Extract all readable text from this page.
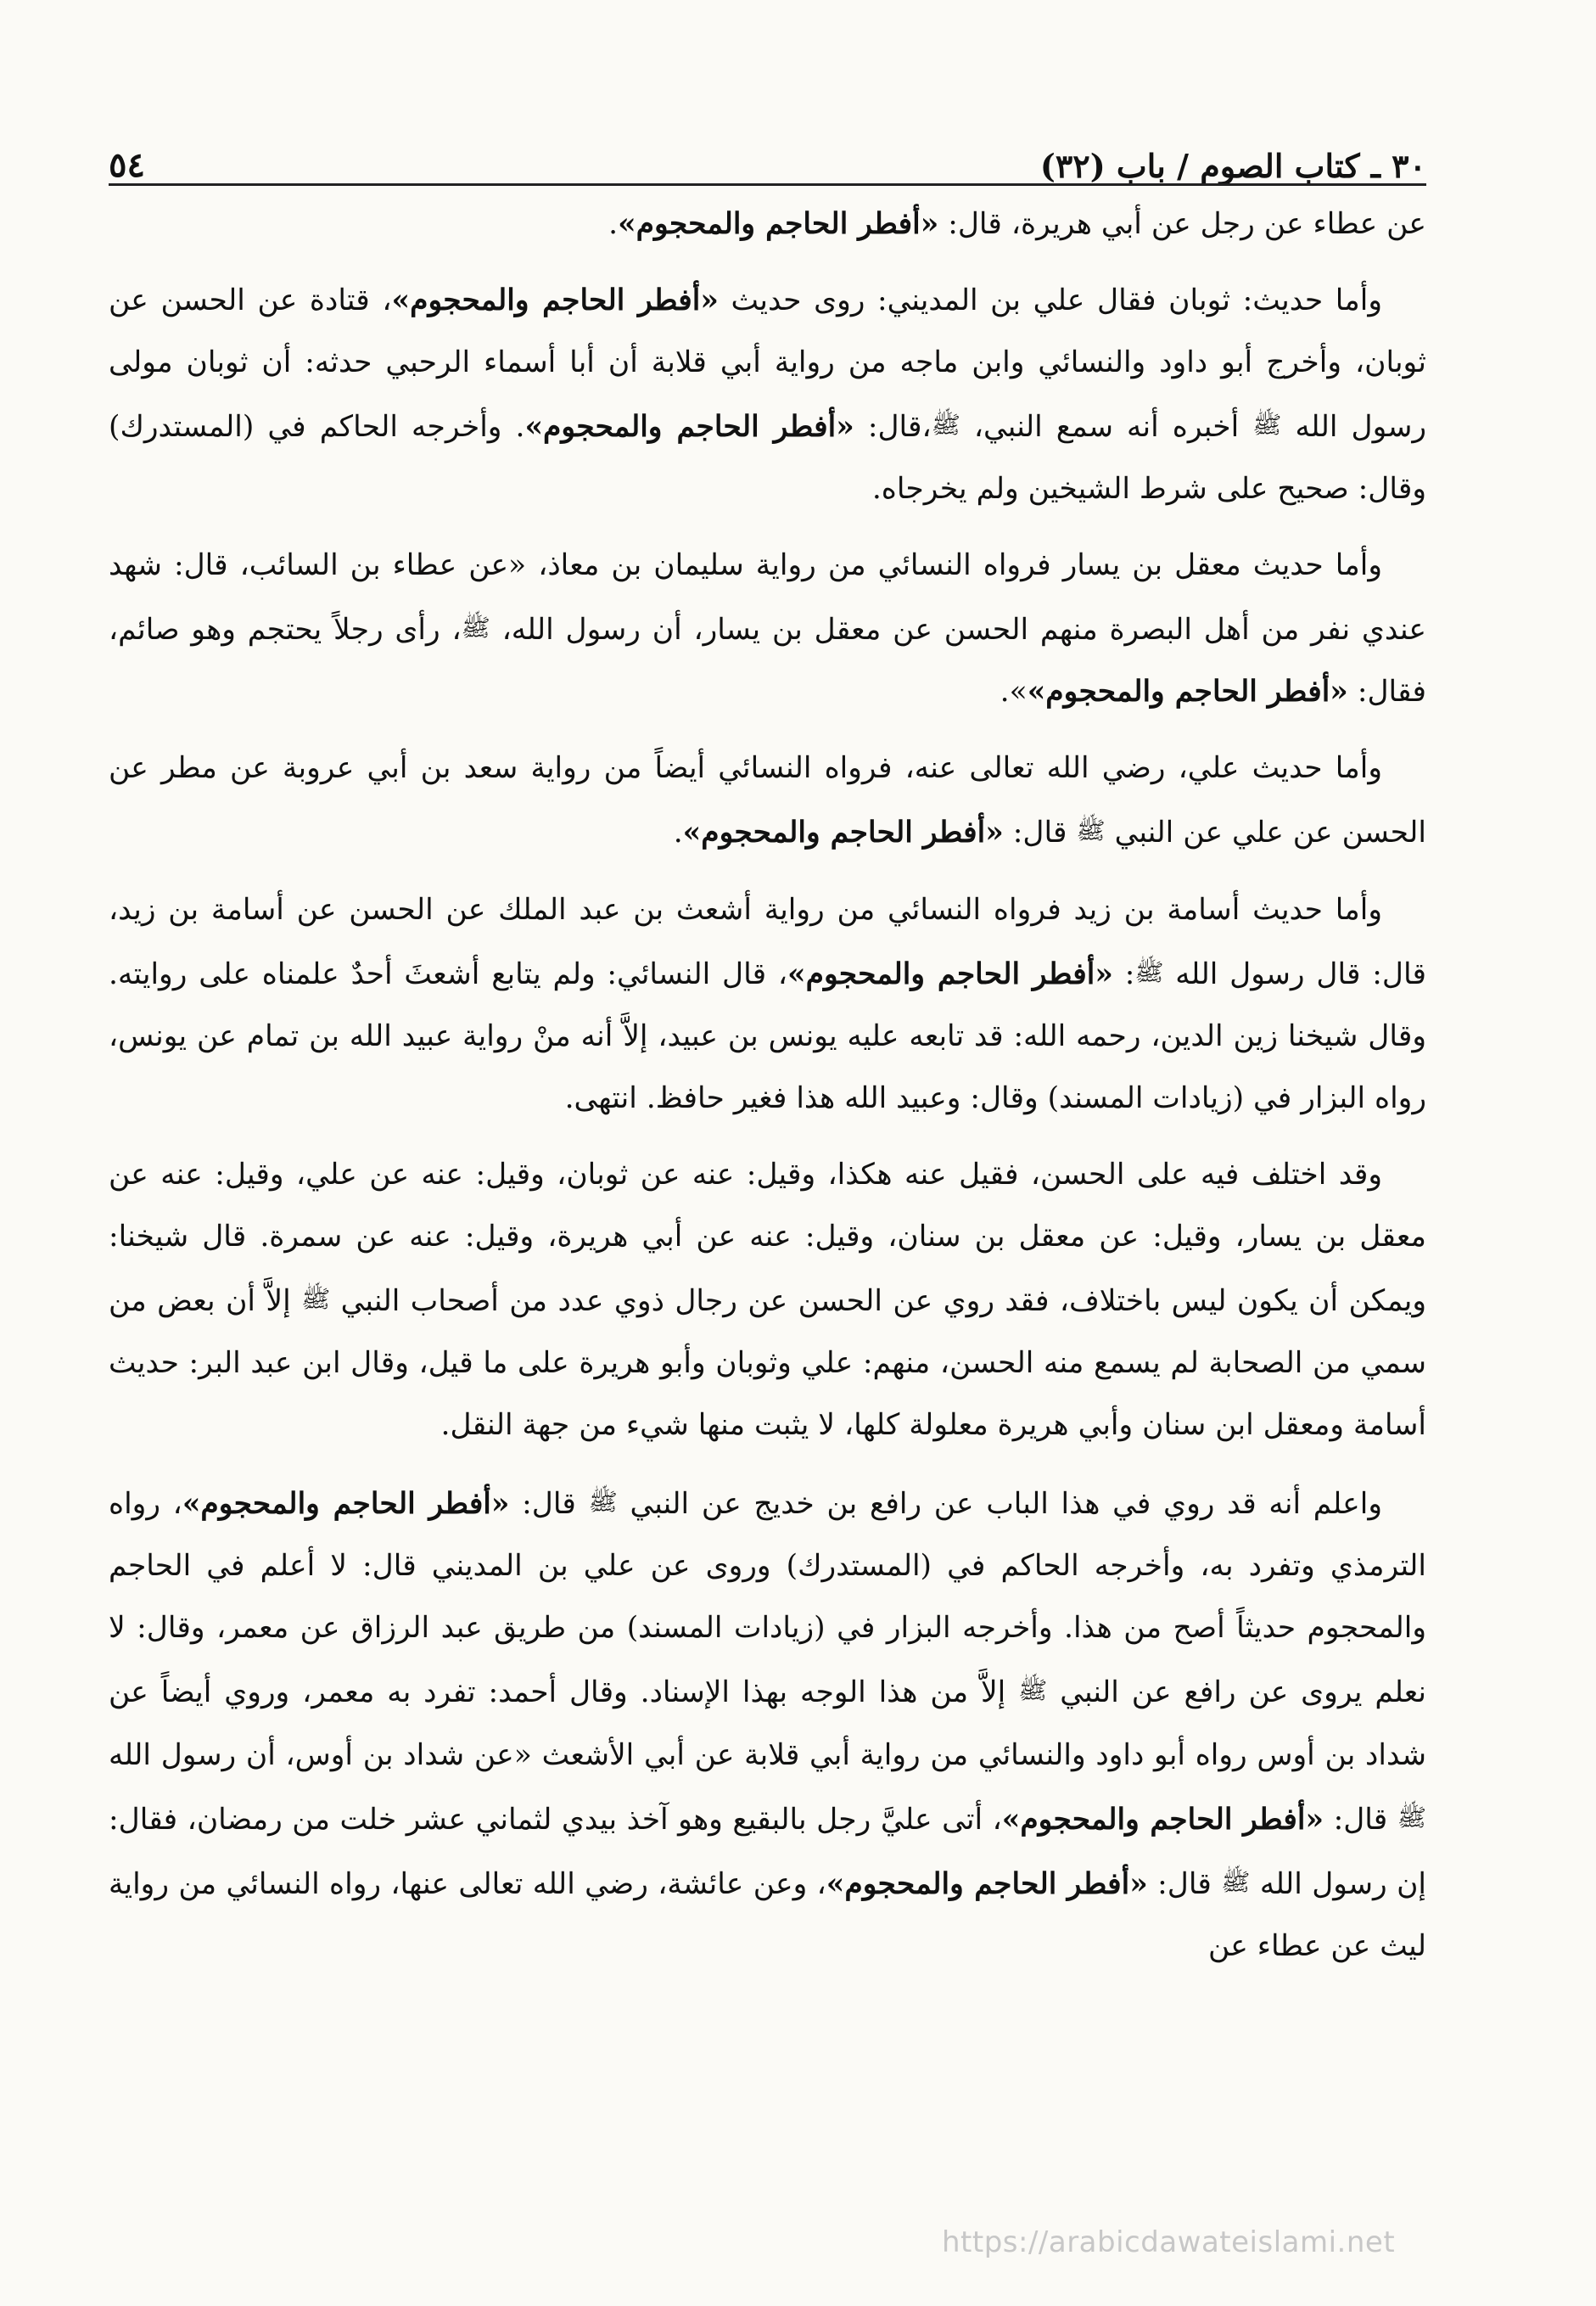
٥٤	٣٠ ـ كتاب الصوم / باب (٣٢)

عن عطاء عن رجل عن أبي هريرة، قال: «أفطر الحاجم والمحجوم».

وأما حديث: ثوبان فقال علي بن المديني: روى حديث «أفطر الحاجم والمحجوم»، قتادة عن الحسن عن ثوبان، وأخرج أبو داود والنسائي وابن ماجه من رواية أبي قلابة أن أبا أسماء الرحبي حدثه: أن ثوبان مولى رسول الله ﷺ أخبره أنه سمع النبي، ﷺ،قال: «أفطر الحاجم والمحجوم». وأخرجه الحاكم في (المستدرك) وقال: صحيح على شرط الشيخين ولم يخرجاه.

وأما حديث معقل بن يسار فرواه النسائي من رواية سليمان بن معاذ، «عن عطاء بن السائب، قال: شهد عندي نفر من أهل البصرة منهم الحسن عن معقل بن يسار، أن رسول الله، ﷺ، رأى رجلاً يحتجم وهو صائم، فقال: «أفطر الحاجم والمحجوم»».

وأما حديث علي، رضي الله تعالى عنه، فرواه النسائي أيضاً من رواية سعد بن أبي عروبة عن مطر عن الحسن عن علي عن النبي ﷺ قال: «أفطر الحاجم والمحجوم».

وأما حديث أسامة بن زيد فرواه النسائي من رواية أشعث بن عبد الملك عن الحسن عن أسامة بن زيد، قال: قال رسول الله ﷺ: «أفطر الحاجم والمحجوم»، قال النسائي: ولم يتابع أشعثَ أحدٌ علمناه على روايته. وقال شيخنا زين الدين، رحمه الله: قد تابعه عليه يونس بن عبيد، إلاَّ أنه منْ رواية عبيد الله بن تمام عن يونس، رواه البزار في (زيادات المسند) وقال: وعبيد الله هذا فغير حافظ. انتهى.

وقد اختلف فيه على الحسن، فقيل عنه هكذا، وقيل: عنه عن ثوبان، وقيل: عنه عن علي، وقيل: عنه عن معقل بن يسار، وقيل: عن معقل بن سنان، وقيل: عنه عن أبي هريرة، وقيل: عنه عن سمرة. قال شيخنا: ويمكن أن يكون ليس باختلاف، فقد روي عن الحسن عن رجال ذوي عدد من أصحاب النبي ﷺ إلاَّ أن بعض من سمي من الصحابة لم يسمع منه الحسن، منهم: علي وثوبان وأبو هريرة على ما قيل، وقال ابن عبد البر: حديث أسامة ومعقل ابن سنان وأبي هريرة معلولة كلها، لا يثبت منها شيء من جهة النقل.

واعلم أنه قد روي في هذا الباب عن رافع بن خديج عن النبي ﷺ قال: «أفطر الحاجم والمحجوم»، رواه الترمذي وتفرد به، وأخرجه الحاكم في (المستدرك) وروى عن علي بن المديني قال: لا أعلم في الحاجم والمحجوم حديثاً أصح من هذا. وأخرجه البزار في (زيادات المسند) من طريق عبد الرزاق عن معمر، وقال: لا نعلم يروى عن رافع عن النبي ﷺ إلاَّ من هذا الوجه بهذا الإسناد. وقال أحمد: تفرد به معمر، وروي أيضاً عن شداد بن أوس رواه أبو داود والنسائي من رواية أبي قلابة عن أبي الأشعث «عن شداد بن أوس، أن رسول الله ﷺ قال: «أفطر الحاجم والمحجوم»، أتى عليَّ رجل بالبقيع وهو آخذ بيدي لثماني عشر خلت من رمضان، فقال: إن رسول الله ﷺ قال: «أفطر الحاجم والمحجوم»، وعن عائشة، رضي الله تعالى عنها، رواه النسائي من رواية ليث عن عطاء عن

https://arabicdawateislami.net
